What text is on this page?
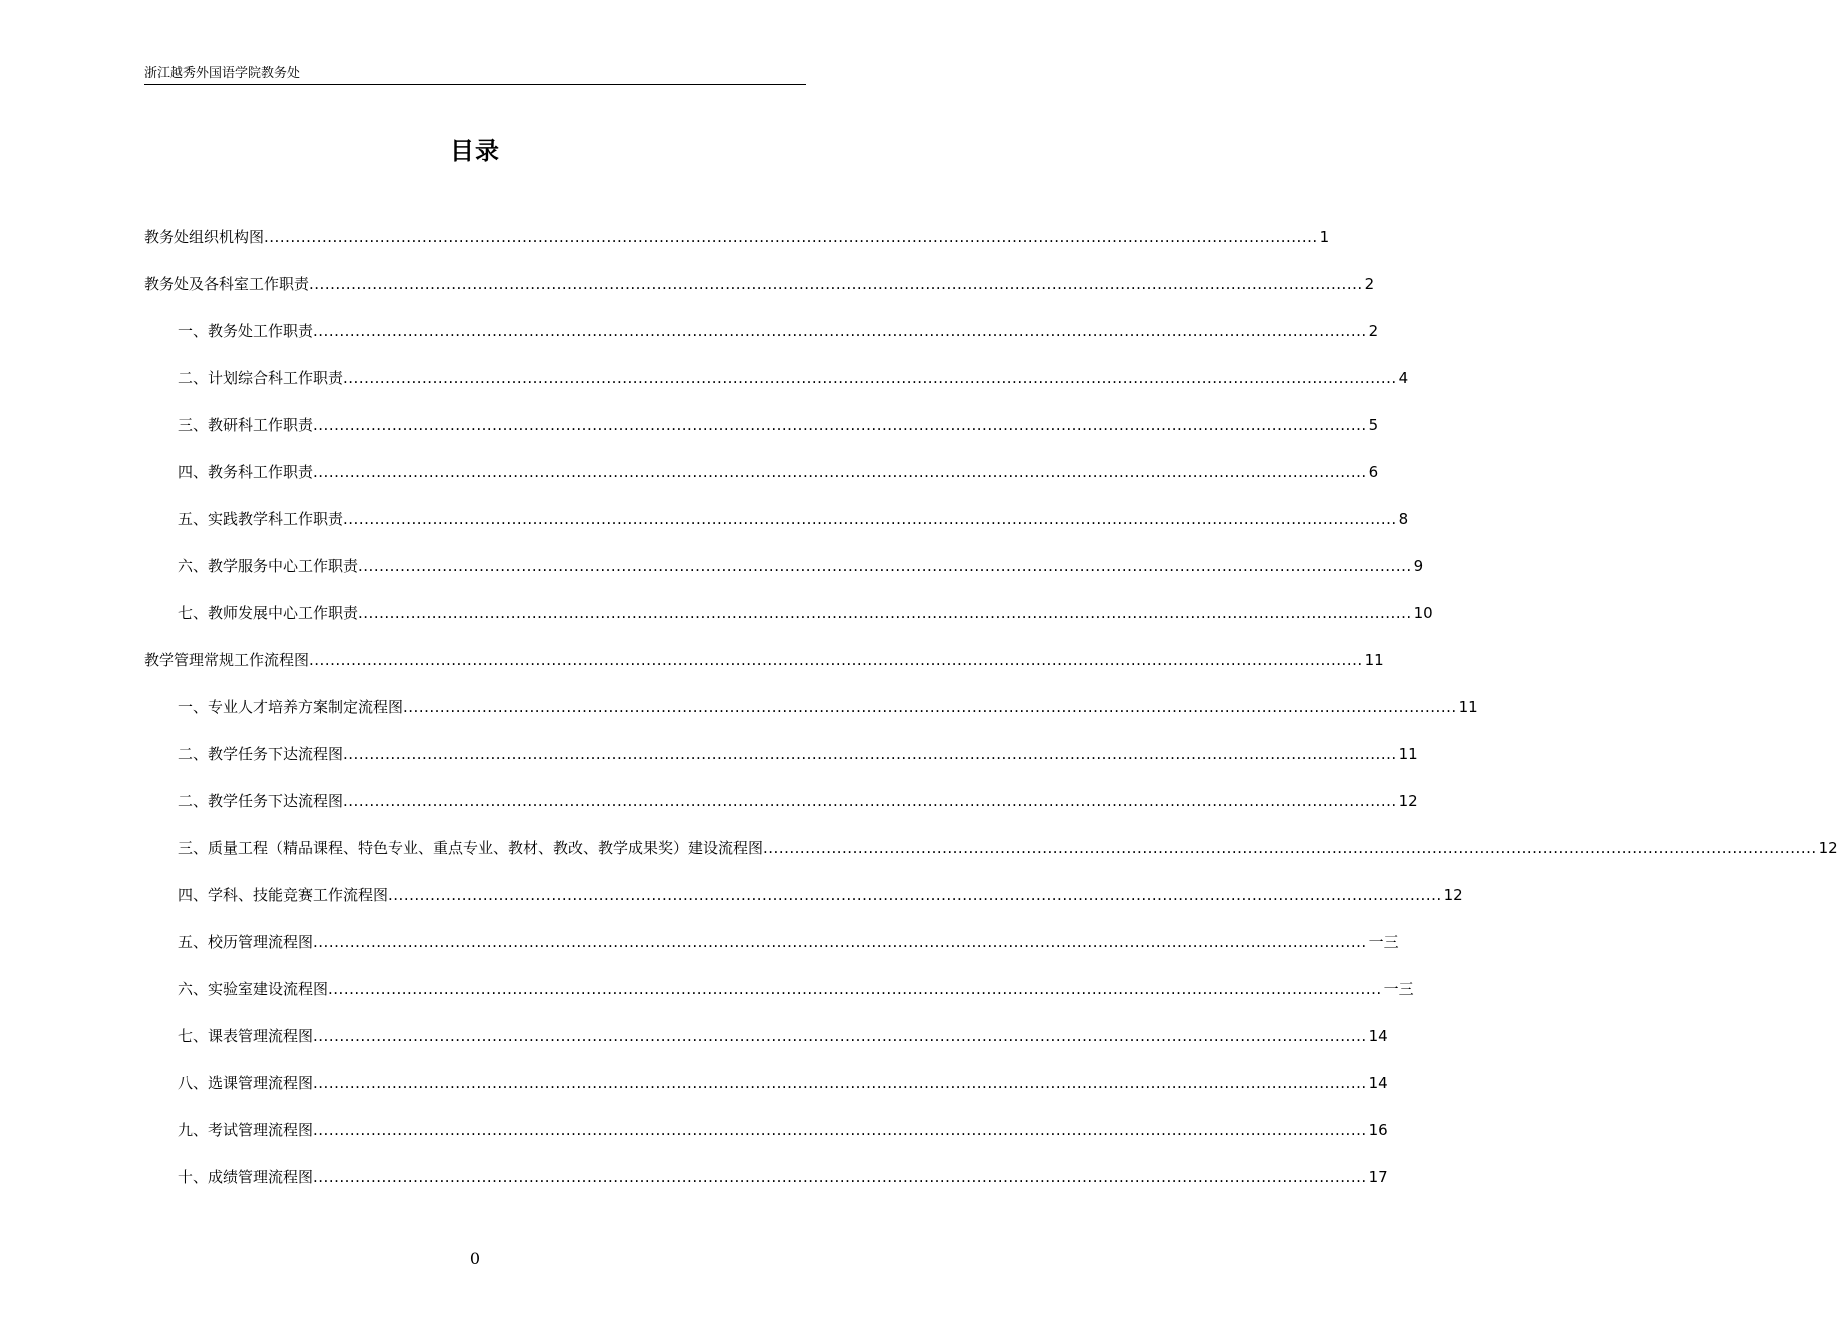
浙江越秀外国语学院教务处
目录
教务处组织机构图 ........................................................................................................................................................................................................ 1
教务处及各科室工作职责 ........................................................................................................................................................................................................ 2
一、教务处工作职责 ........................................................................................................................................................................................................ 2
二、计划综合科工作职责 ........................................................................................................................................................................................................ 4
三、教研科工作职责 ........................................................................................................................................................................................................ 5
四、教务科工作职责 ........................................................................................................................................................................................................ 6
五、实践教学科工作职责 ........................................................................................................................................................................................................ 8
六、教学服务中心工作职责 ........................................................................................................................................................................................................ 9
七、教师发展中心工作职责 ........................................................................................................................................................................................................ 10
教学管理常规工作流程图 ........................................................................................................................................................................................................ 11
一、专业人才培养方案制定流程图 ........................................................................................................................................................................................................ 11
二、教学任务下达流程图 ........................................................................................................................................................................................................ 11
二、教学任务下达流程图 ........................................................................................................................................................................................................ 12
三、质量工程（精品课程、特色专业、重点专业、教材、教改、教学成果奖）建设流程图 ........................................................................................................................................................................................................ 12
四、学科、技能竞赛工作流程图 ........................................................................................................................................................................................................ 12
五、校历管理流程图 ........................................................................................................................................................................................................ 一三
六、实验室建设流程图 ........................................................................................................................................................................................................ 一三
七、课表管理流程图 ........................................................................................................................................................................................................ 14
八、选课管理流程图 ........................................................................................................................................................................................................ 14
九、考试管理流程图 ........................................................................................................................................................................................................ 16
十、成绩管理流程图 ........................................................................................................................................................................................................ 17
0
